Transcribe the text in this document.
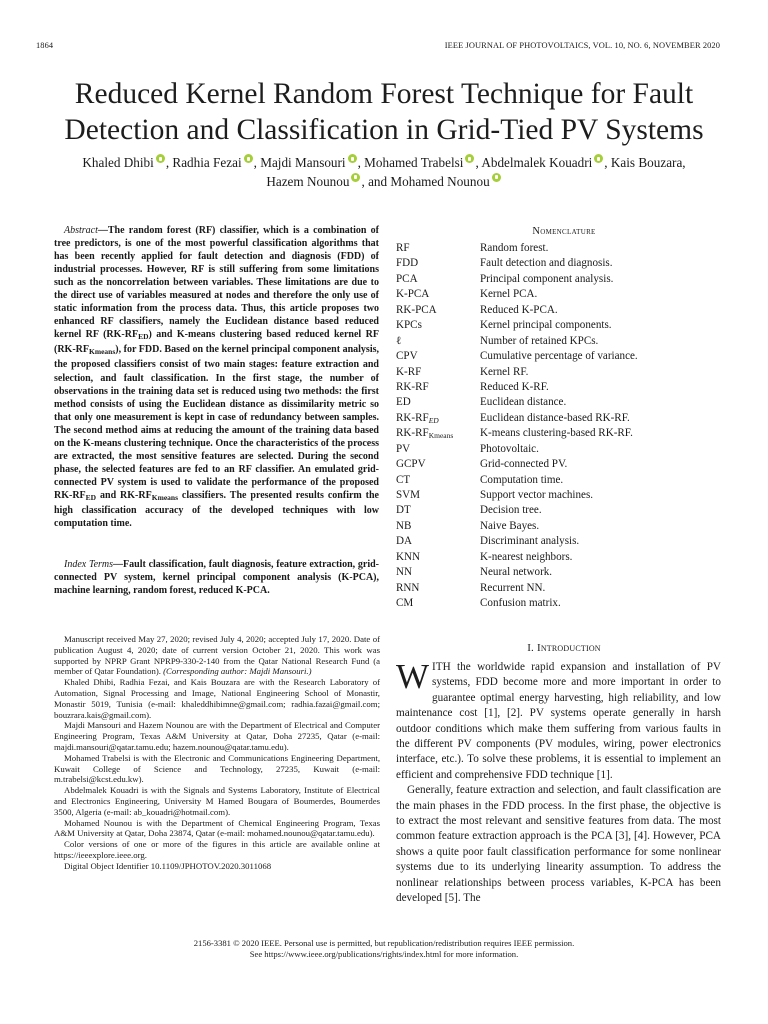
1864	IEEE JOURNAL OF PHOTOVOLTAICS, VOL. 10, NO. 6, NOVEMBER 2020
Reduced Kernel Random Forest Technique for Fault
Detection and Classification in Grid-Tied PV Systems
Khaled Dhibi , Radhia Fezai , Majdi Mansouri , Mohamed Trabelsi , Abdelmalek Kouadri , Kais Bouzara,
Hazem Nounou , and Mohamed Nounou

Abstract—The random forest (RF) classifier, which is a combination of tree predictors, is one of the most powerful classification algorithms that has been recently applied for fault detection and diagnosis (FDD) of industrial processes. However, RF is still suffering from some limitations such as the noncorrelation between variables. These limitations are due to the direct use of variables measured at nodes and therefore the only use of static information from the process data. Thus, this article proposes two enhanced RF classifiers, namely the Euclidean distance based reduced kernel RF $(RK-RF_{ED})$ and K-means clustering based reduced kernel RF $(RK-RF_{Kmeans})$, for FDD. Based on the kernel principal component analysis, the proposed classifiers consist of two main stages: feature extraction and selection, and fault classification. In the first stage, the number of observations in the training data set is reduced using two methods: the first method consists of using the Euclidean distance as dissimilarity metric so that only one measurement is kept in case of redundancy between samples. The second method aims at reducing the amount of the training data based on the K-means clustering technique. Once the characteristics of the process are extracted, the most sensitive features are selected. During the second phase, the selected features are fed to an RF classifier. An emulated grid-connected PV system is used to validate the performance of the proposed $RK-RF_{ED}$ and $RK-RF_{Kmeans}$ classifiers. The presented results confirm the high classification accuracy of the developed techniques with low computation time.

Index Terms—Fault classification, fault diagnosis, feature extraction, grid-connected PV system, kernel principal component analysis (K-PCA), machine learning, random forest, reduced K-PCA.

Nomenclature
RF	Random forest.
FDD	Fault detection and diagnosis.
PCA	Principal component analysis.
K-PCA	Kernel PCA.
RK-PCA	Reduced K-PCA.
KPCs	Kernel principal components.
ℓ	Number of retained KPCs.
CPV	Cumulative percentage of variance.
K-RF	Kernel RF.
RK-RF	Reduced K-RF.
ED	Euclidean distance.
$RK-RF_{ED}$	Euclidean distance-based RK-RF.
$RK-RF_{Kmeans}$	K-means clustering-based RK-RF.
PV	Photovoltaic.
GCPV	Grid-connected PV.
CT	Computation time.
SVM	Support vector machines.
DT	Decision tree.
NB	Naive Bayes.
DA	Discriminant analysis.
KNN	K-nearest neighbors.
NN	Neural network.
RNN	Recurrent NN.
CM	Confusion matrix.

Manuscript received May 27, 2020; revised July 4, 2020; accepted July 17, 2020. Date of publication August 4, 2020; date of current version October 21, 2020. This work was supported by NPRP Grant NPRP9-330-2-140 from the Qatar National Research Fund (a member of Qatar Foundation). (Corresponding author: Majdi Mansouri.)

Khaled Dhibi, Radhia Fezai, and Kais Bouzara are with the Research Laboratory of Automation, Signal Processing and Image, National Engineering School of Monastir, Monastir 5019, Tunisia (e-mail: khaleddhibimne@gmail.com; radhia.fazai@gmail.com; bouzrara.kais@gmail.com).

Majdi Mansouri and Hazem Nounou are with the Department of Electrical and Computer Engineering Program, Texas A&M University at Qatar, Doha 27235, Qatar (e-mail: majdi.mansouri@qatar.tamu.edu; hazem.nounou@qatar.tamu.edu).

Mohamed Trabelsi is with the Electronic and Communications Engineering Department, Kuwait College of Science and Technology, 27235, Kuwait (e-mail: m.trabelsi@kcst.edu.kw).

Abdelmalek Kouadri is with the Signals and Systems Laboratory, Institute of Electrical and Electronics Engineering, University M Hamed Bougara of Boumerdes, Boumerdes 3500, Algeria (e-mail: ab_kouadri@hotmail.com).

Mohamed Nounou is with the Department of Chemical Engineering Program, Texas A&M University at Qatar, Doha 23874, Qatar (e-mail: mohamed.nounou@qatar.tamu.edu).

Color versions of one or more of the figures in this article are available online at https://ieeexplore.ieee.org.

Digital Object Identifier 10.1109/JPHOTOV.2020.3011068

I. Introduction

WITH the worldwide rapid expansion and installation of PV systems, FDD become more and more important in order to guarantee optimal energy harvesting, high reliability, and low maintenance cost [1], [2]. PV systems operate generally in harsh outdoor conditions which make them suffering from various faults in the different PV components (PV modules, wiring, power electronics interface, etc.). To solve these problems, it is essential to implement an efficient and comprehensive FDD technique [1].

Generally, feature extraction and selection, and fault classification are the main phases in the FDD process. In the first phase, the objective is to extract the most relevant and sensitive features from data. The most common feature extraction approach is the PCA [3], [4]. However, PCA shows a quite poor fault classification performance for some nonlinear systems due to its underlying linearity assumption. To address the nonlinear relationships between process variables, K-PCA has been developed [5]. The

2156-3381 © 2020 IEEE. Personal use is permitted, but republication/redistribution requires IEEE permission.
See https://www.ieee.org/publications/rights/index.html for more information.
